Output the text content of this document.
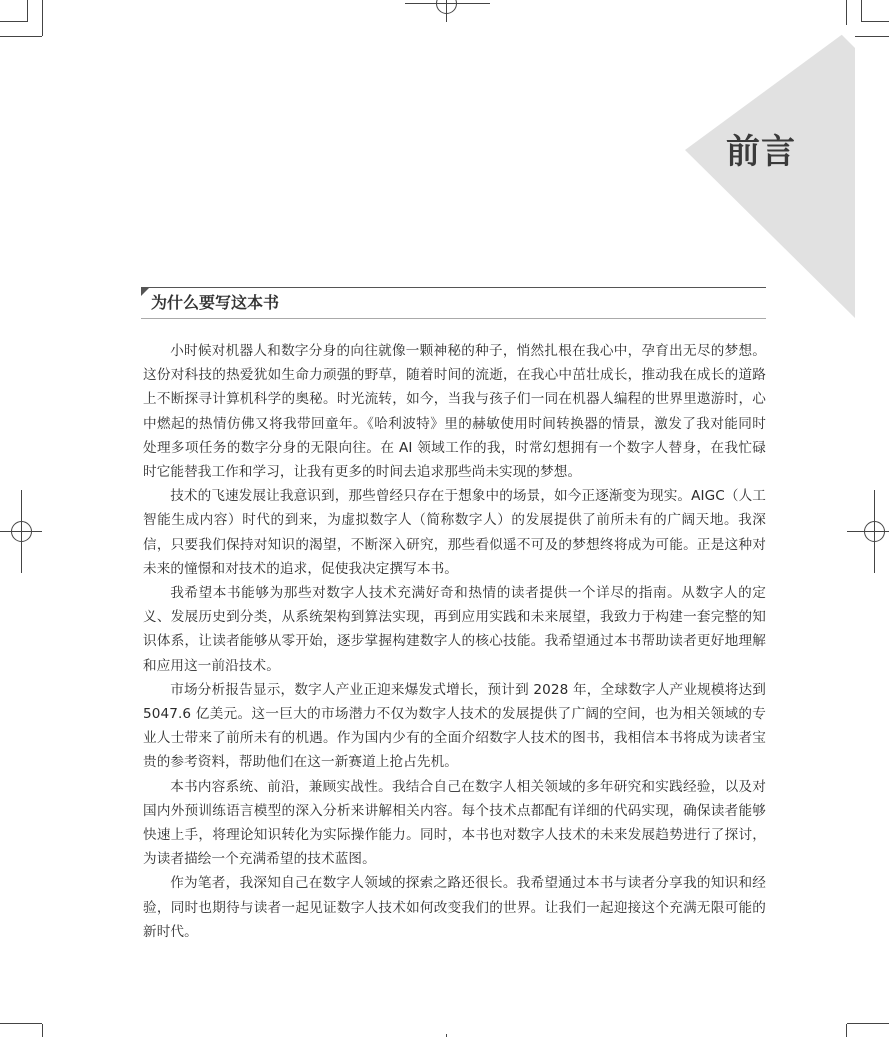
前言
为什么要写这本书

小时候对机器人和数字分身的向往就像一颗神秘的种子，悄然扎根在我心中，孕育出无尽的梦想。这份对科技的热爱犹如生命力顽强的野草，随着时间的流逝，在我心中茁壮成长，推动我在成长的道路上不断探寻计算机科学的奥秘。时光流转，如今，当我与孩子们一同在机器人编程的世界里遨游时，心中燃起的热情仿佛又将我带回童年。《哈利波特》里的赫敏使用时间转换器的情景，激发了我对能同时处理多项任务的数字分身的无限向往。在 AI 领域工作的我，时常幻想拥有一个数字人替身，在我忙碌时它能替我工作和学习，让我有更多的时间去追求那些尚未实现的梦想。

技术的飞速发展让我意识到，那些曾经只存在于想象中的场景，如今正逐渐变为现实。AIGC（人工智能生成内容）时代的到来，为虚拟数字人（简称数字人）的发展提供了前所未有的广阔天地。我深信，只要我们保持对知识的渴望，不断深入研究，那些看似遥不可及的梦想终将成为可能。正是这种对未来的憧憬和对技术的追求，促使我决定撰写本书。

我希望本书能够为那些对数字人技术充满好奇和热情的读者提供一个详尽的指南。从数字人的定义、发展历史到分类，从系统架构到算法实现，再到应用实践和未来展望，我致力于构建一套完整的知识体系，让读者能够从零开始，逐步掌握构建数字人的核心技能。我希望通过本书帮助读者更好地理解和应用这一前沿技术。

市场分析报告显示，数字人产业正迎来爆发式增长，预计到 2028 年，全球数字人产业规模将达到 5047.6 亿美元。这一巨大的市场潜力不仅为数字人技术的发展提供了广阔的空间，也为相关领域的专业人士带来了前所未有的机遇。作为国内少有的全面介绍数字人技术的图书，我相信本书将成为读者宝贵的参考资料，帮助他们在这一新赛道上抢占先机。

本书内容系统、前沿，兼顾实战性。我结合自己在数字人相关领域的多年研究和实践经验，以及对国内外预训练语言模型的深入分析来讲解相关内容。每个技术点都配有详细的代码实现，确保读者能够快速上手，将理论知识转化为实际操作能力。同时，本书也对数字人技术的未来发展趋势进行了探讨，为读者描绘一个充满希望的技术蓝图。

作为笔者，我深知自己在数字人领域的探索之路还很长。我希望通过本书与读者分享我的知识和经验，同时也期待与读者一起见证数字人技术如何改变我们的世界。让我们一起迎接这个充满无限可能的新时代。
